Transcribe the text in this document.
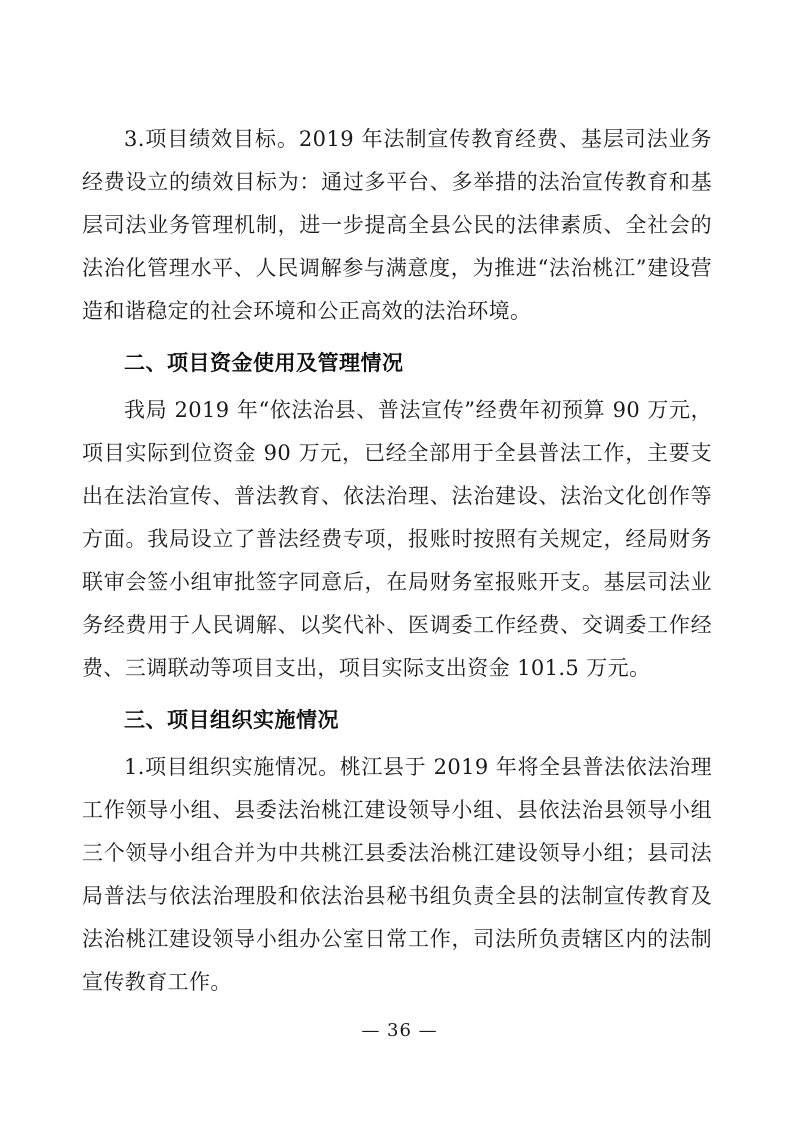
3.项目绩效目标。2019 年法制宣传教育经费、基层司法业务经费设立的绩效目标为：通过多平台、多举措的法治宣传教育和基层司法业务管理机制，进一步提高全县公民的法律素质、全社会的法治化管理水平、人民调解参与满意度，为推进“法治桃江”建设营造和谐稳定的社会环境和公正高效的法治环境。

二、项目资金使用及管理情况

我局 2019 年“依法治县、普法宣传”经费年初预算 90 万元，项目实际到位资金 90 万元，已经全部用于全县普法工作，主要支出在法治宣传、普法教育、依法治理、法治建设、法治文化创作等方面。我局设立了普法经费专项，报账时按照有关规定，经局财务联审会签小组审批签字同意后，在局财务室报账开支。基层司法业务经费用于人民调解、以奖代补、医调委工作经费、交调委工作经费、三调联动等项目支出，项目实际支出资金 101.5 万元。

三、项目组织实施情况

1.项目组织实施情况。桃江县于 2019 年将全县普法依法治理工作领导小组、县委法治桃江建设领导小组、县依法治县领导小组三个领导小组合并为中共桃江县委法治桃江建设领导小组；县司法局普法与依法治理股和依法治县秘书组负责全县的法制宣传教育及法治桃江建设领导小组办公室日常工作，司法所负责辖区内的法制宣传教育工作。

— 36 —
